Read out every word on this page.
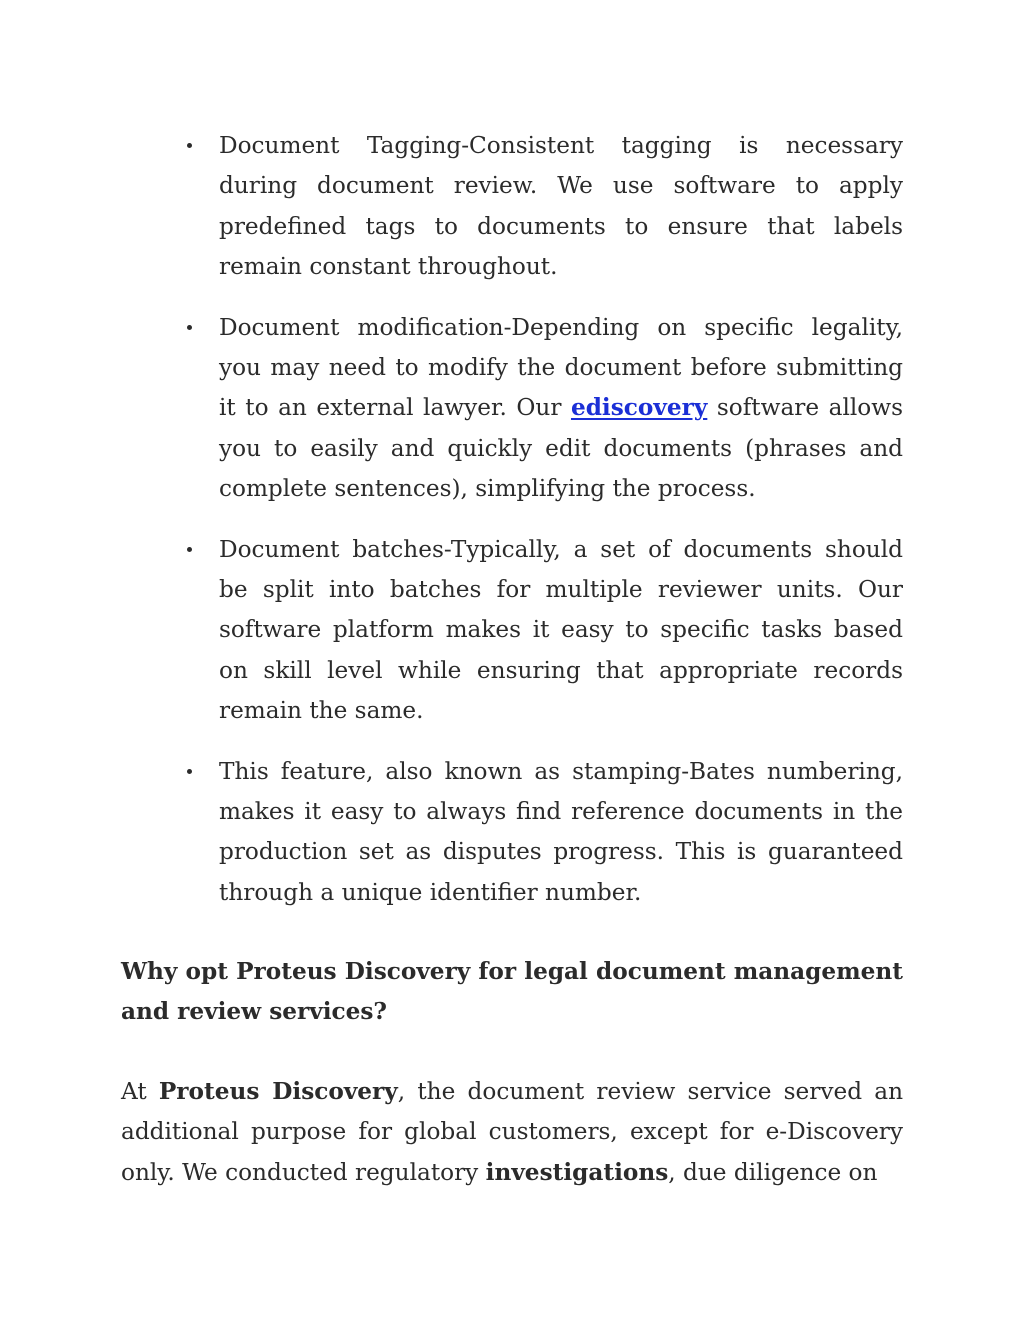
Document Tagging-Consistent tagging is necessary during document review. We use software to apply predefined tags to documents to ensure that labels remain constant throughout.
Document modification-Depending on specific legality, you may need to modify the document before submitting it to an external lawyer. Our ediscovery software allows you to easily and quickly edit documents (phrases and complete sentences), simplifying the process.
Document batches-Typically, a set of documents should be split into batches for multiple reviewer units. Our software platform makes it easy to specific tasks based on skill level while ensuring that appropriate records remain the same.
This feature, also known as stamping-Bates numbering, makes it easy to always find reference documents in the production set as disputes progress. This is guaranteed through a unique identifier number.
Why opt Proteus Discovery for legal document management and review services?

At Proteus Discovery, the document review service served an additional purpose for global customers, except for e-Discovery only. We conducted regulatory investigations, due diligence on
